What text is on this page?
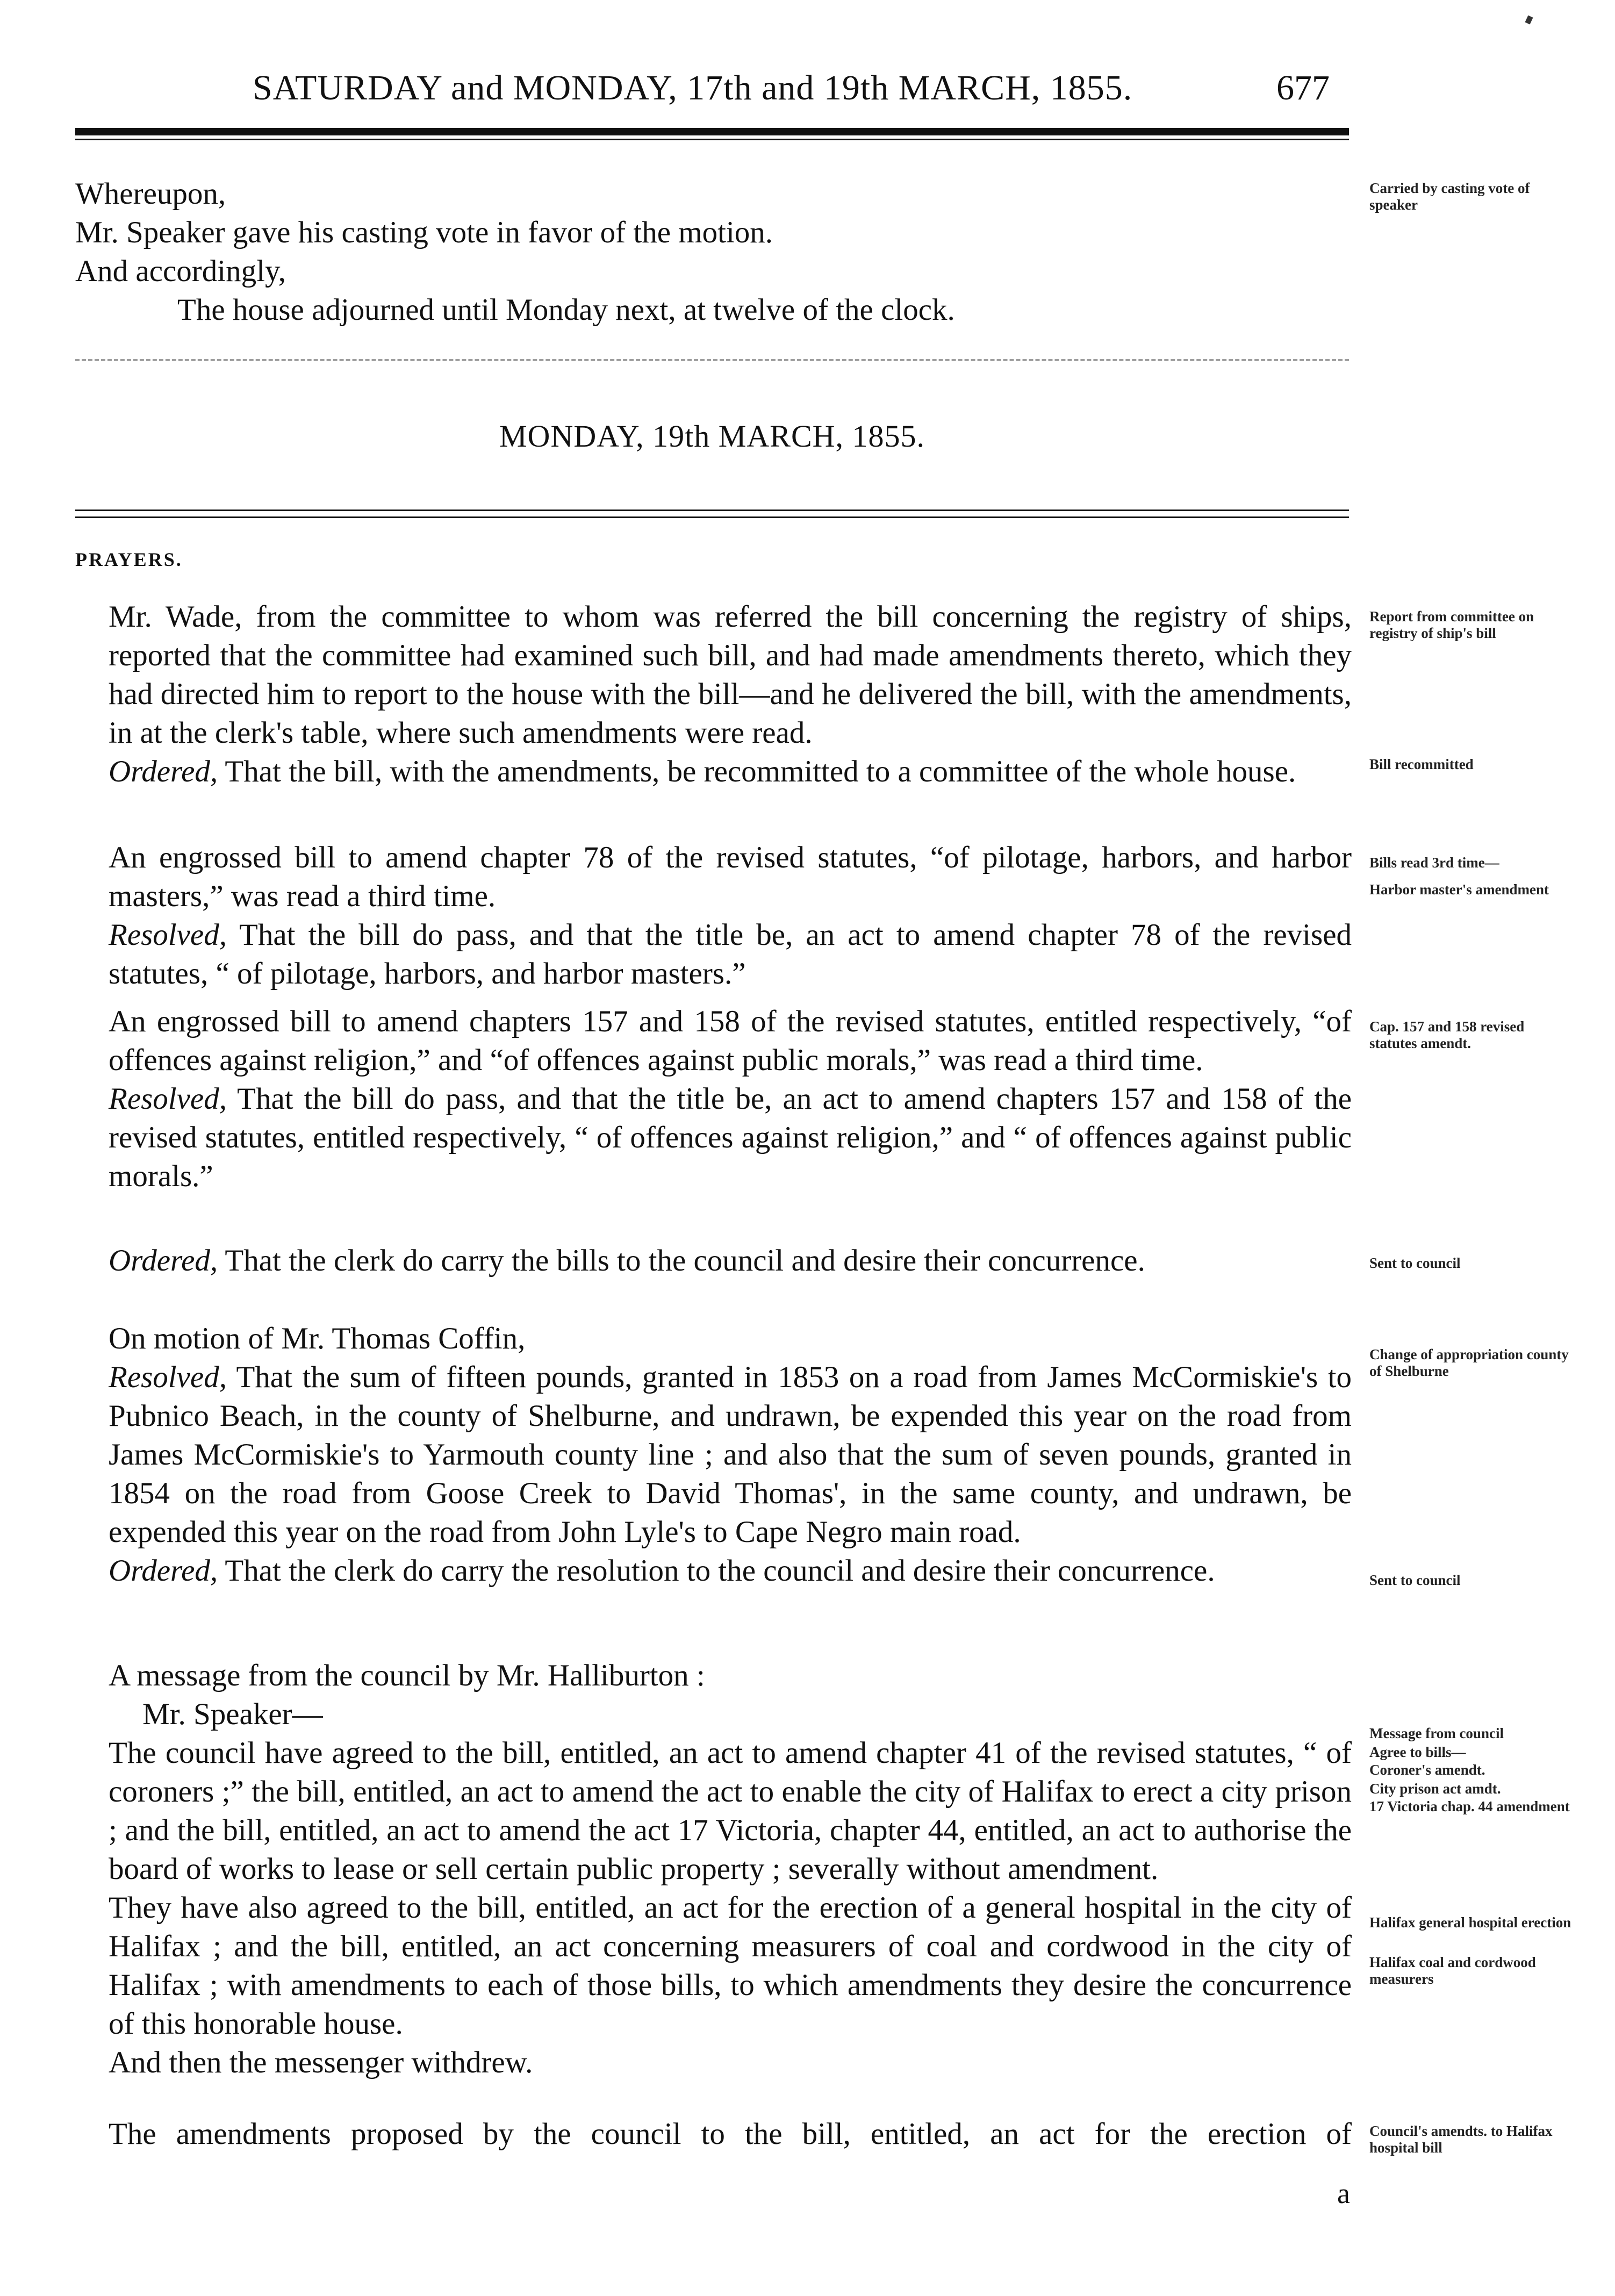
SATURDAY and MONDAY, 17th and 19th MARCH, 1855.	677

Whereupon,

Mr. Speaker gave his casting vote in favor of the motion.

And accordingly,

The house adjourned until Monday next, at twelve of the clock.

MONDAY, 19th MARCH, 1855.
PRAYERS.

Mr. Wade, from the committee to whom was referred the bill concerning the registry of ships, reported that the committee had examined such bill, and had made amendments thereto, which they had directed him to report to the house with the bill—and he delivered the bill, with the amendments, in at the clerk's table, where such amendments were read.

Ordered, That the bill, with the amendments, be recommitted to a committee of the whole house.

An engrossed bill to amend chapter 78 of the revised statutes, “of pilotage, harbors, and harbor masters,” was read a third time.

Resolved, That the bill do pass, and that the title be, an act to amend chapter 78 of the revised statutes, “ of pilotage, harbors, and harbor masters.”

An engrossed bill to amend chapters 157 and 158 of the revised statutes, entitled respectively, “of offences against religion,” and “of offences against public morals,” was read a third time.

Resolved, That the bill do pass, and that the title be, an act to amend chapters 157 and 158 of the revised statutes, entitled respectively, “ of offences against religion,” and “ of offences against public morals.”

Ordered, That the clerk do carry the bills to the council and desire their concurrence.

On motion of Mr. Thomas Coffin,

Resolved, That the sum of fifteen pounds, granted in 1853 on a road from James McCormiskie's to Pubnico Beach, in the county of Shelburne, and undrawn, be expended this year on the road from James McCormiskie's to Yarmouth county line ; and also that the sum of seven pounds, granted in 1854 on the road from Goose Creek to David Thomas', in the same county, and undrawn, be expended this year on the road from John Lyle's to Cape Negro main road.

Ordered, That the clerk do carry the resolution to the council and desire their concurrence.

A message from the council by Mr. Halliburton :

Mr. Speaker—

The council have agreed to the bill, entitled, an act to amend chapter 41 of the revised statutes, “ of coroners ;” the bill, entitled, an act to amend the act to enable the city of Halifax to erect a city prison ; and the bill, entitled, an act to amend the act 17 Victoria, chapter 44, entitled, an act to authorise the board of works to lease or sell certain public property ; severally without amendment.

They have also agreed to the bill, entitled, an act for the erection of a general hospital in the city of Halifax ; and the bill, entitled, an act concerning measurers of coal and cordwood in the city of Halifax ; with amendments to each of those bills, to which amendments they desire the concurrence of this honorable house.

And then the messenger withdrew.

The amendments proposed by the council to the bill, entitled, an act for the erection of

a
Carried by casting vote of speaker
Report from committee on registry of ship's bill
Bill recommitted
Bills read 3rd time—
Harbor master's amendment
Cap. 157 and 158 revised statutes amendt.
Sent to council
Change of appropriation county of Shelburne
Sent to council
Message from council
Agree to bills—
Coroner's amendt.
City prison act amdt.
17 Victoria chap. 44 amendment
Halifax general hospital erection
Halifax coal and cordwood measurers
Council's amendts. to Halifax hospital bill
